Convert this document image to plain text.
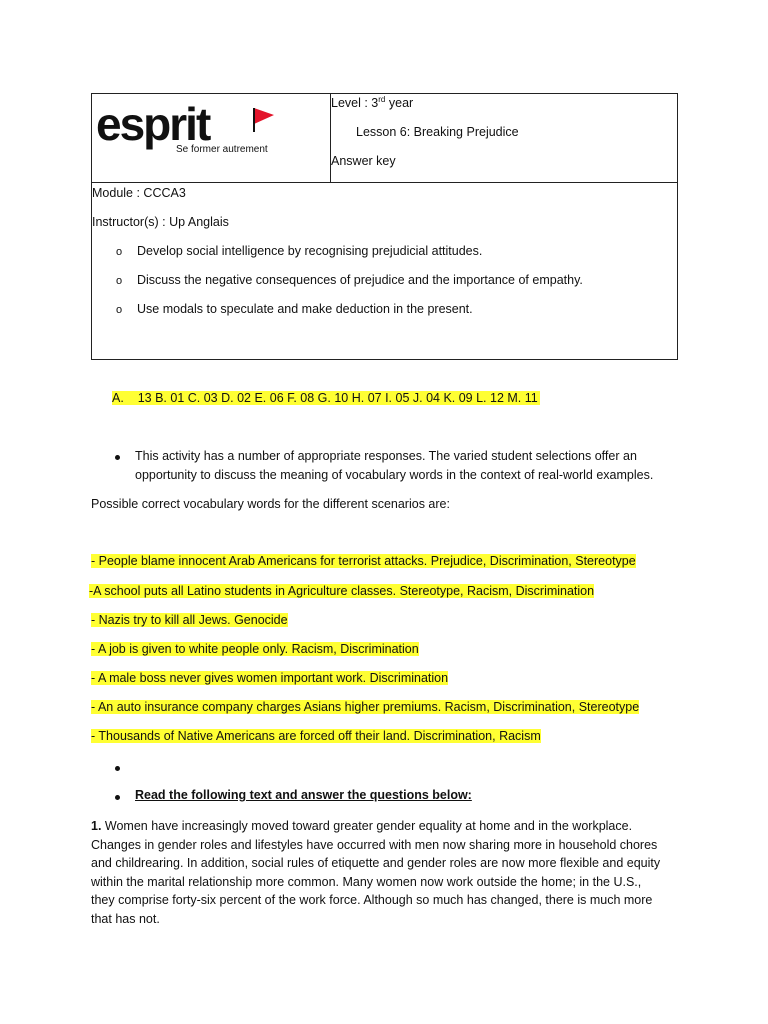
esprit
Se former autrement
Level : 3rd year
Lesson 6: Breaking Prejudice
Answer key
Module : CCCA3
Instructor(s) : Up Anglais
o Develop social intelligence by recognising prejudicial attitudes.
o Discuss the negative consequences of prejudice and the importance of empathy.
o Use modals to speculate and make deduction in the present.
A. 13 B. 01 C. 03 D. 02 E. 06 F. 08 G. 10 H. 07 I. 05 J. 04 K. 09 L. 12 M. 11
This activity has a number of appropriate responses. The varied student selections offer an
opportunity to discuss the meaning of vocabulary words in the context of real-world examples.
Possible correct vocabulary words for the different scenarios are:
- People blame innocent Arab Americans for terrorist attacks. Prejudice, Discrimination, Stereotype
-A school puts all Latino students in Agriculture classes. Stereotype, Racism, Discrimination
- Nazis try to kill all Jews. Genocide
- A job is given to white people only. Racism, Discrimination
- A male boss never gives women important work. Discrimination
- An auto insurance company charges Asians higher premiums. Racism, Discrimination, Stereotype
- Thousands of Native Americans are forced off their land. Discrimination, Racism
Read the following text and answer the questions below:
1. Women have increasingly moved toward greater gender equality at home and in the workplace.
Changes in gender roles and lifestyles have occurred with men now sharing more in household chores
and childrearing. In addition, social rules of etiquette and gender roles are now more flexible and equity
within the marital relationship more common. Many women now work outside the home; in the U.S.,
they comprise forty-six percent of the work force. Although so much has changed, there is much more
that has not.
